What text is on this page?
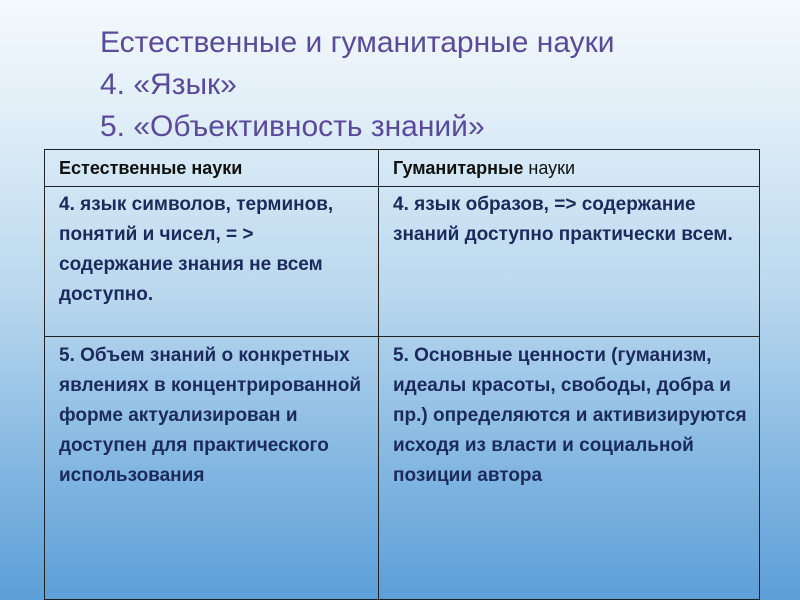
Естественные и гуманитарные науки
4. «Язык»
5. «Объективность знаний»
Естественные науки	Гуманитарные науки
4. язык символов, терминов, понятий и чисел, = > содержание знания не всем доступно.	4. язык образов, => содержание знаний доступно практически всем.
5. Объем знаний о конкретных явлениях в концентрированной форме актуализирован и доступен для практического использования	5. Основные ценности (гуманизм, идеалы красоты, свободы, добра и пр.) определяются и активизируются исходя из власти и социальной позиции автора
